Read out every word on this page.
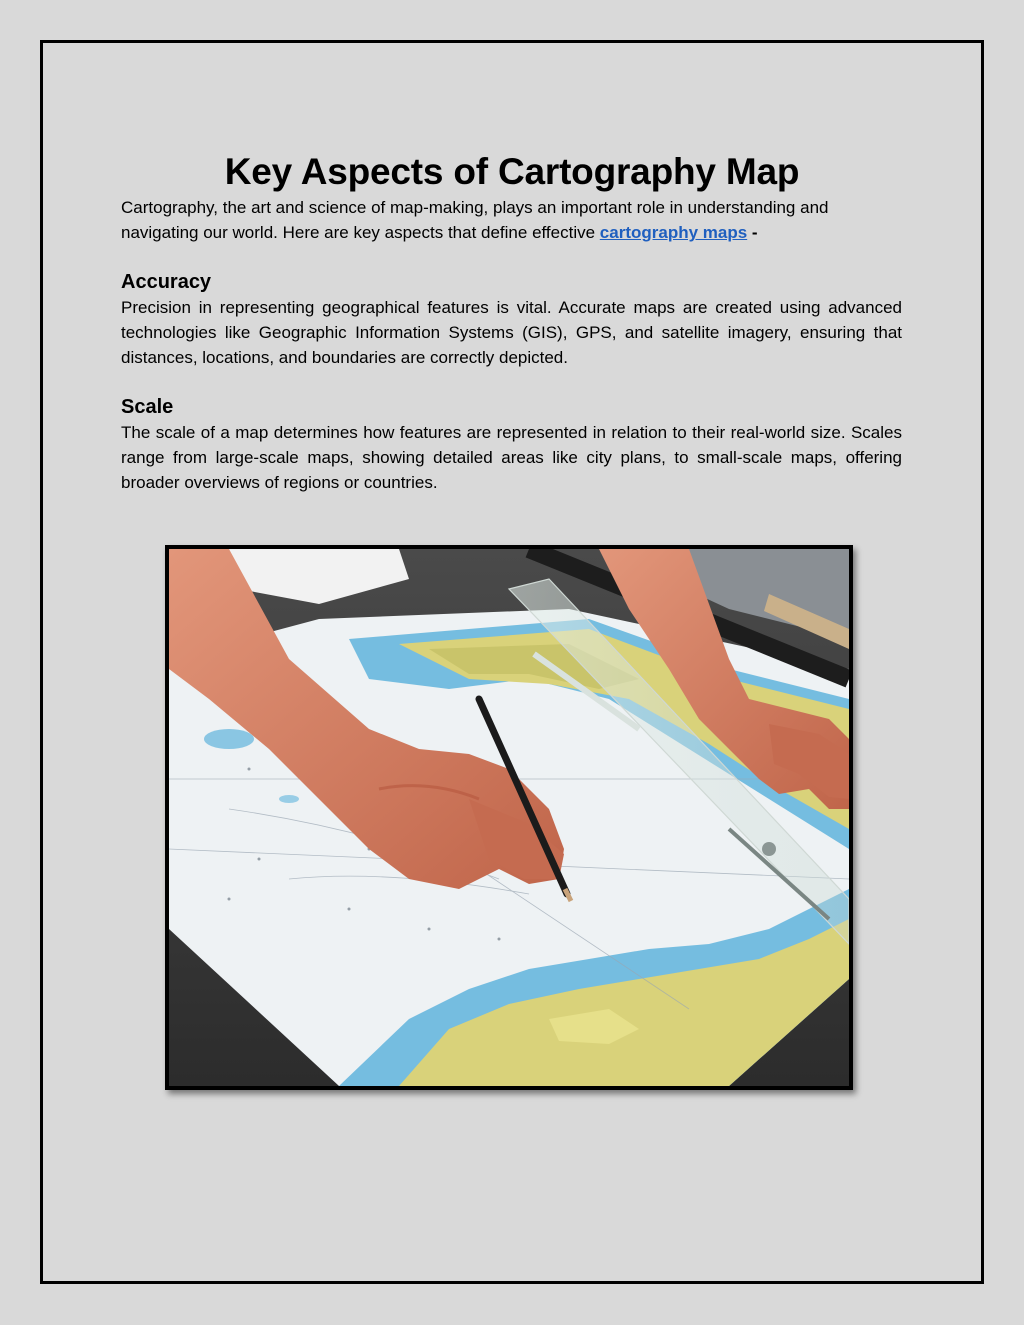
Key Aspects of Cartography Map

Cartography, the art and science of map-making, plays an important role in understanding and navigating our world. Here are key aspects that define effective cartography maps -

Accuracy

Precision in representing geographical features is vital. Accurate maps are created using advanced technologies like Geographic Information Systems (GIS), GPS, and satellite imagery, ensuring that distances, locations, and boundaries are correctly depicted.

Scale

The scale of a map determines how features are represented in relation to their real-world size. Scales range from large-scale maps, showing detailed areas like city plans, to small-scale maps, offering broader overviews of regions or countries.
